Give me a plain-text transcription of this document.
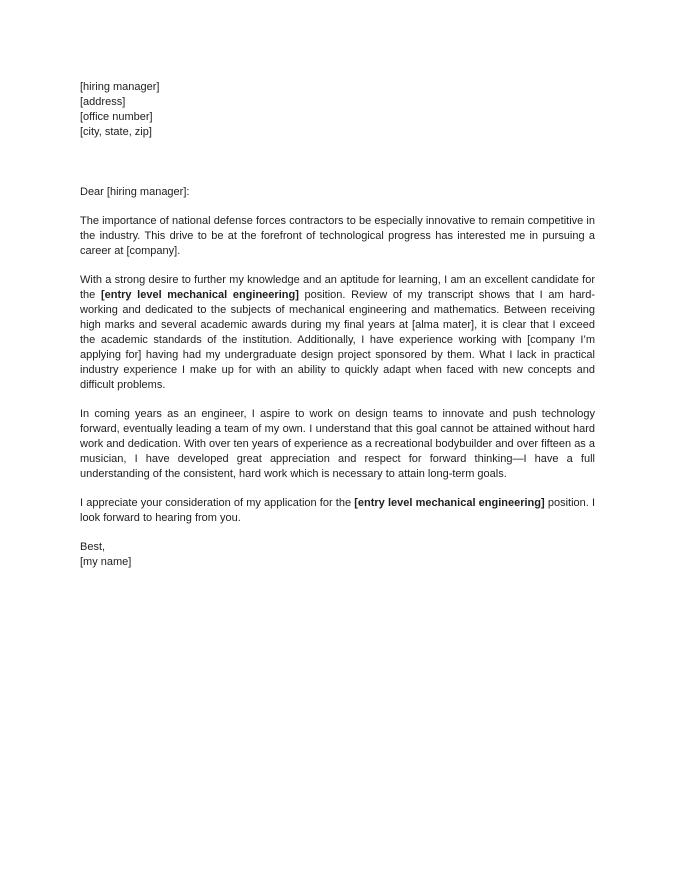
[hiring manager]
[address]
[office number]
[city, state, zip]

Dear [hiring manager]:

The importance of national defense forces contractors to be especially innovative to remain competitive in the industry. This drive to be at the forefront of technological progress has interested me in pursuing a career at [company].

With a strong desire to further my knowledge and an aptitude for learning, I am an excellent candidate for the [entry level mechanical engineering] position. Review of my transcript shows that I am hard-working and dedicated to the subjects of mechanical engineering and mathematics. Between receiving high marks and several academic awards during my final years at [alma mater], it is clear that I exceed the academic standards of the institution. Additionally, I have experience working with [company I’m applying for] having had my undergraduate design project sponsored by them. What I lack in practical industry experience I make up for with an ability to quickly adapt when faced with new concepts and difficult problems.

In coming years as an engineer, I aspire to work on design teams to innovate and push technology forward, eventually leading a team of my own. I understand that this goal cannot be attained without hard work and dedication. With over ten years of experience as a recreational bodybuilder and over fifteen as a musician, I have developed great appreciation and respect for forward thinking—I have a full understanding of the consistent, hard work which is necessary to attain long-term goals.

I appreciate your consideration of my application for the [entry level mechanical engineering] position. I look forward to hearing from you.

Best,
[my name]
